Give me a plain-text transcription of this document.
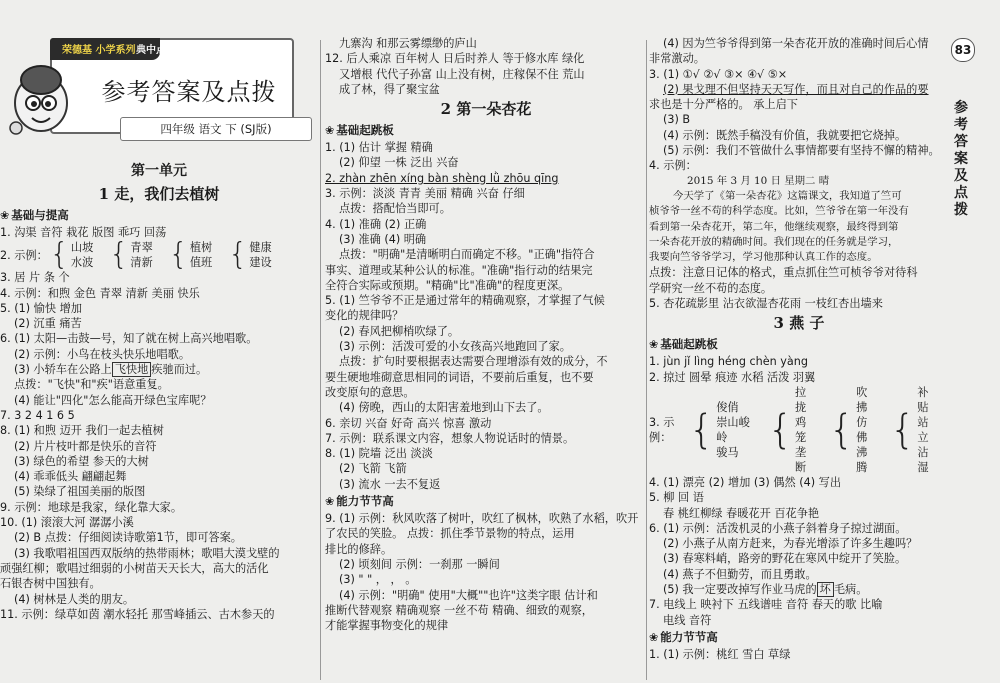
83
参考答案及点拨
荣德基 小学系列 典中点
参考答案及点拨
四年级 语文 下 (SJ版)
第一单元
1 走，我们去植树
❀ 基础与提高
1. 沟渠 音符 栽花 版图 乖巧 回荡
2. 示例： { 山坡
水波 { 青翠
清新 { 植树
值班 { 健康
建设
3. 居 片 条 个
4. 示例：和煦 金色 青翠 清新 美丽 快乐
5. (1) 愉快 增加
(2) 沉重 痛苦
6. (1) 太阳—击鼓—号，知了就在树上高兴地唱歌。
(2) 示例：小鸟在枝头快乐地唱歌。
(3) 小轿车在公路上 飞快地 疾驰而过。
点拨："飞快"和"疾"语意重复。
(4) 能让"四化"怎么能高开绿色宝库呢？
7. 3 2 4 1 6 5
8. (1) 和煦 迈开 我们一起去植树
(2) 片片枝叶都是快乐的音符
(3) 绿色的希望 参天的大树
(4) 乖乖低头 翩翩起舞
(5) 染绿了祖国美丽的版图
9. 示例：地球是我家，绿化靠大家。
10. (1) 滚滚大河 潺潺小溪
(2) B 点拨：仔细阅读诗歌第1节，即可答案。
(3) 我歌唱祖国西双版纳的热带雨林；歌唱大漠戈壁的
顽强红柳；歌唱过细弱的小树苗天天长大，高大的活化
石银杏树中国独有。
(4) 树林是人类的朋友。
11. 示例：绿草如茵 潮水轻托 那雪峰插云、古木参天的
九寨沟 和那云雾缥缈的庐山
12. 后人乘凉 百年树人 日后时养人 等于修水库 绿化
又增根 代代子孙富 山上没有树，庄稼保不住 荒山
成了林，得了聚宝盆
2 第一朵杏花
❀ 基础起跳板
1. (1) 估计 掌握 精确
(2) 仰望 一株 泛出 兴奋
2. zhàn zhēn xíng bàn shèng lǜ zhōu qīng
3. 示例：淡淡 青青 美丽 精确 兴奋 仔细
点拨：搭配恰当即可。
4. (1) 准确 (2) 正确
(3) 准确 (4) 明确
点拨："明确"是清晰明白而确定不移。"正确"指符合
事实、道理或某种公认的标准。"准确"指行动的结果完
全符合实际或预期。"精确"比"准确"的程度更深。
5. (1) 竺爷爷不正是通过常年的精确观察，才掌握了气候
变化的规律吗？
(2) 春风把柳梢吹绿了。
(3) 示例：活泼可爱的小女孩高兴地跑回了家。
点拨：扩句时要根据表达需要合理增添有效的成分，不
要生硬地堆砌意思相同的词语，不要前后重复，也不要
改变原句的意思。
(4) 傍晚，西山的太阳害羞地到山下去了。
6. 亲切 兴奋 好奇 高兴 惊喜 激动
7. 示例：联系课文内容，想象人物说话时的情景。
8. (1) 院墙 泛出 淡淡
(2) 飞箭 飞箭
(3) 流水 一去不复返
❀ 能力节节高
9. (1) 示例：秋风吹落了树叶，吹红了枫林，吹熟了水稻，吹开
了农民的笑脸。 点拨：抓住季节景物的特点，运用
排比的修辞。
(2) 顷刻间 示例：一刹那 一瞬间
(3) " " ， ， 。
(4) 示例："明确" 使用"大概""也许"这类字眼 估计和
推断代替观察 精确观察 一丝不苟 精确、细致的观察，
才能掌握事物变化的规律
(4) 因为竺爷爷得到第一朵杏花开放的准确时间后心情
非常激动。
3. (1) ①√ ②√ ③× ④√ ⑤×
(2) 果戈理不但坚持天天写作，而且对自己的作品的要
求也是十分严格的。 承上启下
(3) B
(4) 示例：既然手稿没有价值，我就要把它烧掉。
(5) 示例：我们不管做什么事情都要有坚持不懈的精神。
4. 示例：
2015 年 3 月 10 日 星期二 晴
今天学了《第一朵杏花》这篇课文，我知道了竺可
桢爷爷一丝不苟的科学态度。比如，竺爷爷在第一年没有
看到第一朵杏花开，第二年，他继续观察，最终得到第
一朵杏花开放的精确时间。我们现在的任务就是学习，
我要向竺爷爷学习，学习他那种认真工作的态度。
点拨：注意日记体的格式，重点抓住竺可桢爷爷对待科
学研究一丝不苟的态度。
5. 杏花疏影里 沾衣欲湿杏花雨 一枝红杏出墙来
3 燕 子
❀ 基础起跳板
1. jùn jǐ lìng héng chèn yàng
2. 掠过 圆晕 痕迹 水稻 活泼 羽翼
3. 示例： { 俊俏
崇山峻岭
骏马 {
拉拢
鸡笼
垄断
{
吹拂
仿佛
沸腾
{
补贴
站立
沾湿
4. (1) 漂亮 (2) 增加 (3) 偶然 (4) 写出
5. 柳 回 语
春 桃红柳绿 春暖花开 百花争艳
6. (1) 示例：活泼机灵的小燕子斜着身子掠过湖面。
(2) 小燕子从南方赶来，为春光增添了许多生趣吗？
(3) 春寒料峭，路旁的野花在寒风中绽开了笑脸。
(4) 燕子不但勤劳，而且勇敢。
(5) 我一定要改掉写作业马虎的 坏 毛病。
7. 电线上 映衬下 五线谱哇 音符 春天的歌 比喻
电线 音符
❀ 能力节节高
1. (1) 示例：桃红 雪白 草绿
